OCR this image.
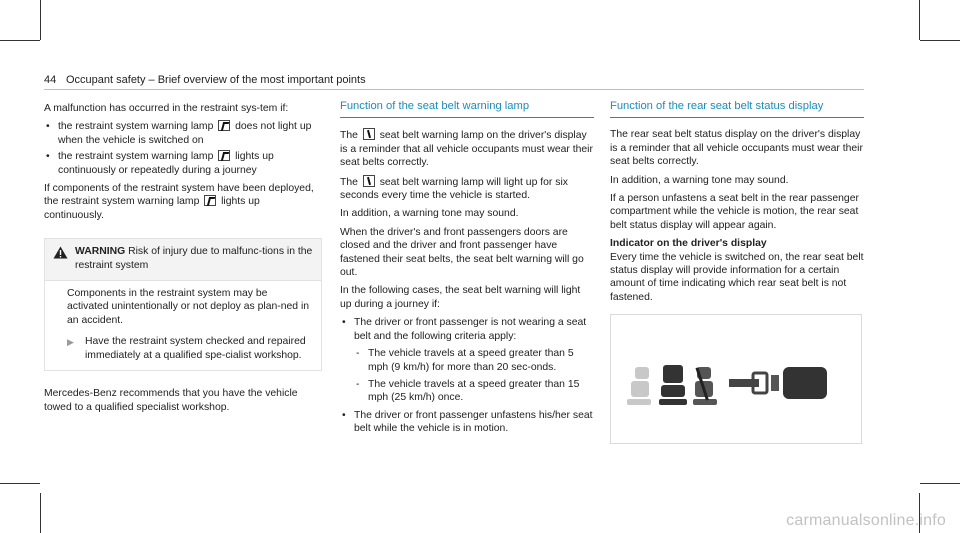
44 Occupant safety – Brief overview of the most important points

A malfunction has occurred in the restraint sys-tem if:

• the restraint system warning lamp does not light up when the vehicle is switched on
• the restraint system warning lamp lights up continuously or repeatedly during a journey

If components of the restraint system have been deployed, the restraint system warning lamp lights up continuously.

WARNING Risk of injury due to malfunc-tions in the restraint system

Components in the restraint system may be activated unintentionally or not deploy as plan-ned in an accident.

▶	Have the restraint system checked and repaired immediately at a qualified spe-cialist workshop.

Mercedes-Benz recommends that you have the vehicle towed to a qualified specialist workshop.

Function of the seat belt warning lamp

The seat belt warning lamp on the driver's display is a reminder that all vehicle occupants must wear their seat belts correctly.

The seat belt warning lamp will light up for six seconds every time the vehicle is started.

In addition, a warning tone may sound.

When the driver's and front passengers doors are closed and the driver and front passenger have fastened their seat belts, the seat belt warning will go out.

In the following cases, the seat belt warning will light up during a journey if:

• The driver or front passenger is not wearing a seat belt and the following criteria apply:
- The vehicle travels at a speed greater than 5 mph (9 km/h) for more than 20 sec-onds.
- The vehicle travels at a speed greater than 15 mph (25 km/h) once.
• The driver or front passenger unfastens his/her seat belt while the vehicle is in motion.
Function of the rear seat belt status display

The rear seat belt status display on the driver's display is a reminder that all vehicle occupants must wear their seat belts correctly.

In addition, a warning tone may sound.

If a person unfastens a seat belt in the rear passenger compartment while the vehicle is motion, the rear seat belt status display will appear again.

Indicator on the driver's display

Every time the vehicle is switched on, the rear seat belt status display will provide information for a certain amount of time indicating which rear seat belt is not fastened.

carmanualsonline.info
